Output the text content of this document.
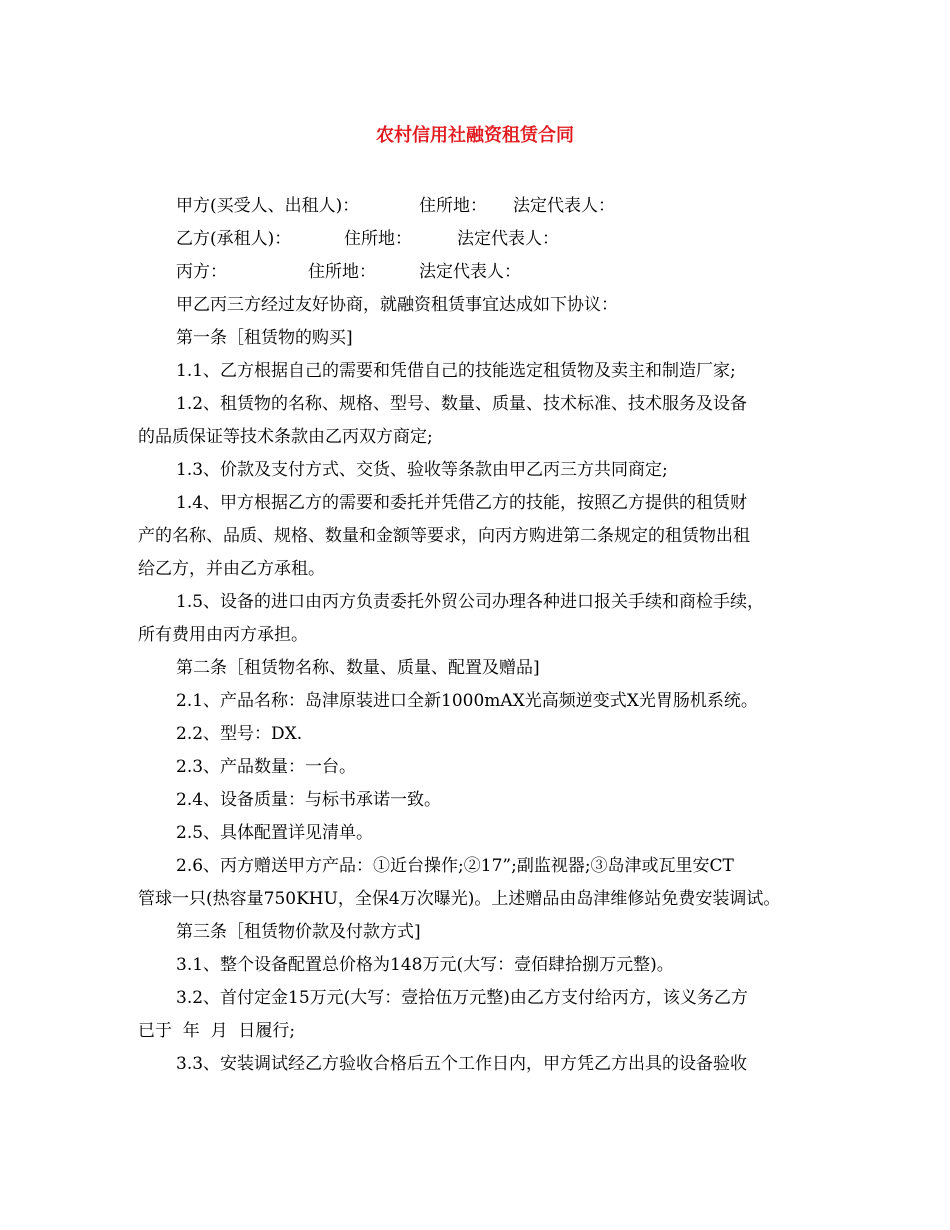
农村信用社融资租赁合同
甲方(买受人、出租人)：	住所地： 法定代表人：
乙方(承租人)：	住所地：	法定代表人：
丙方：	住所地：	法定代表人：

甲乙丙三方经过友好协商，就融资租赁事宜达成如下协议：

第一条［租赁物的购买]

1.1、乙方根据自己的需要和凭借自己的技能选定租赁物及卖主和制造厂家;

1.2、租赁物的名称、规格、型号、数量、质量、技术标准、技术服务及设备

的品质保证等技术条款由乙丙双方商定;

1.3、价款及支付方式、交货、验收等条款由甲乙丙三方共同商定;

1.4、甲方根据乙方的需要和委托并凭借乙方的技能，按照乙方提供的租赁财

产的名称、品质、规格、数量和金额等要求，向丙方购进第二条规定的租赁物出租

给乙方，并由乙方承租。

1.5、设备的进口由丙方负责委托外贸公司办理各种进口报关手续和商检手续，

所有费用由丙方承担。

第二条［租赁物名称、数量、质量、配置及赠品]

2.1、产品名称：岛津原装进口全新1000mAX光高频逆变式X光胃肠机系统。

2.2、型号：DX.

2.3、产品数量：一台。

2.4、设备质量：与标书承诺一致。

2.5、具体配置详见清单。

2.6、丙方赠送甲方产品：①近台操作;②17”;副监视器;③岛津或瓦里安CT

管球一只(热容量750KHU，全保4万次曝光)。上述赠品由岛津维修站免费安装调试。

第三条［租赁物价款及付款方式]

3.1、整个设备配置总价格为148万元(大写：壹佰肆拾捌万元整)。

3.2、首付定金15万元(大写：壹拾伍万元整)由乙方支付给丙方，该义务乙方

已于  年  月  日履行;

3.3、安装调试经乙方验收合格后五个工作日内，甲方凭乙方出具的设备验收
